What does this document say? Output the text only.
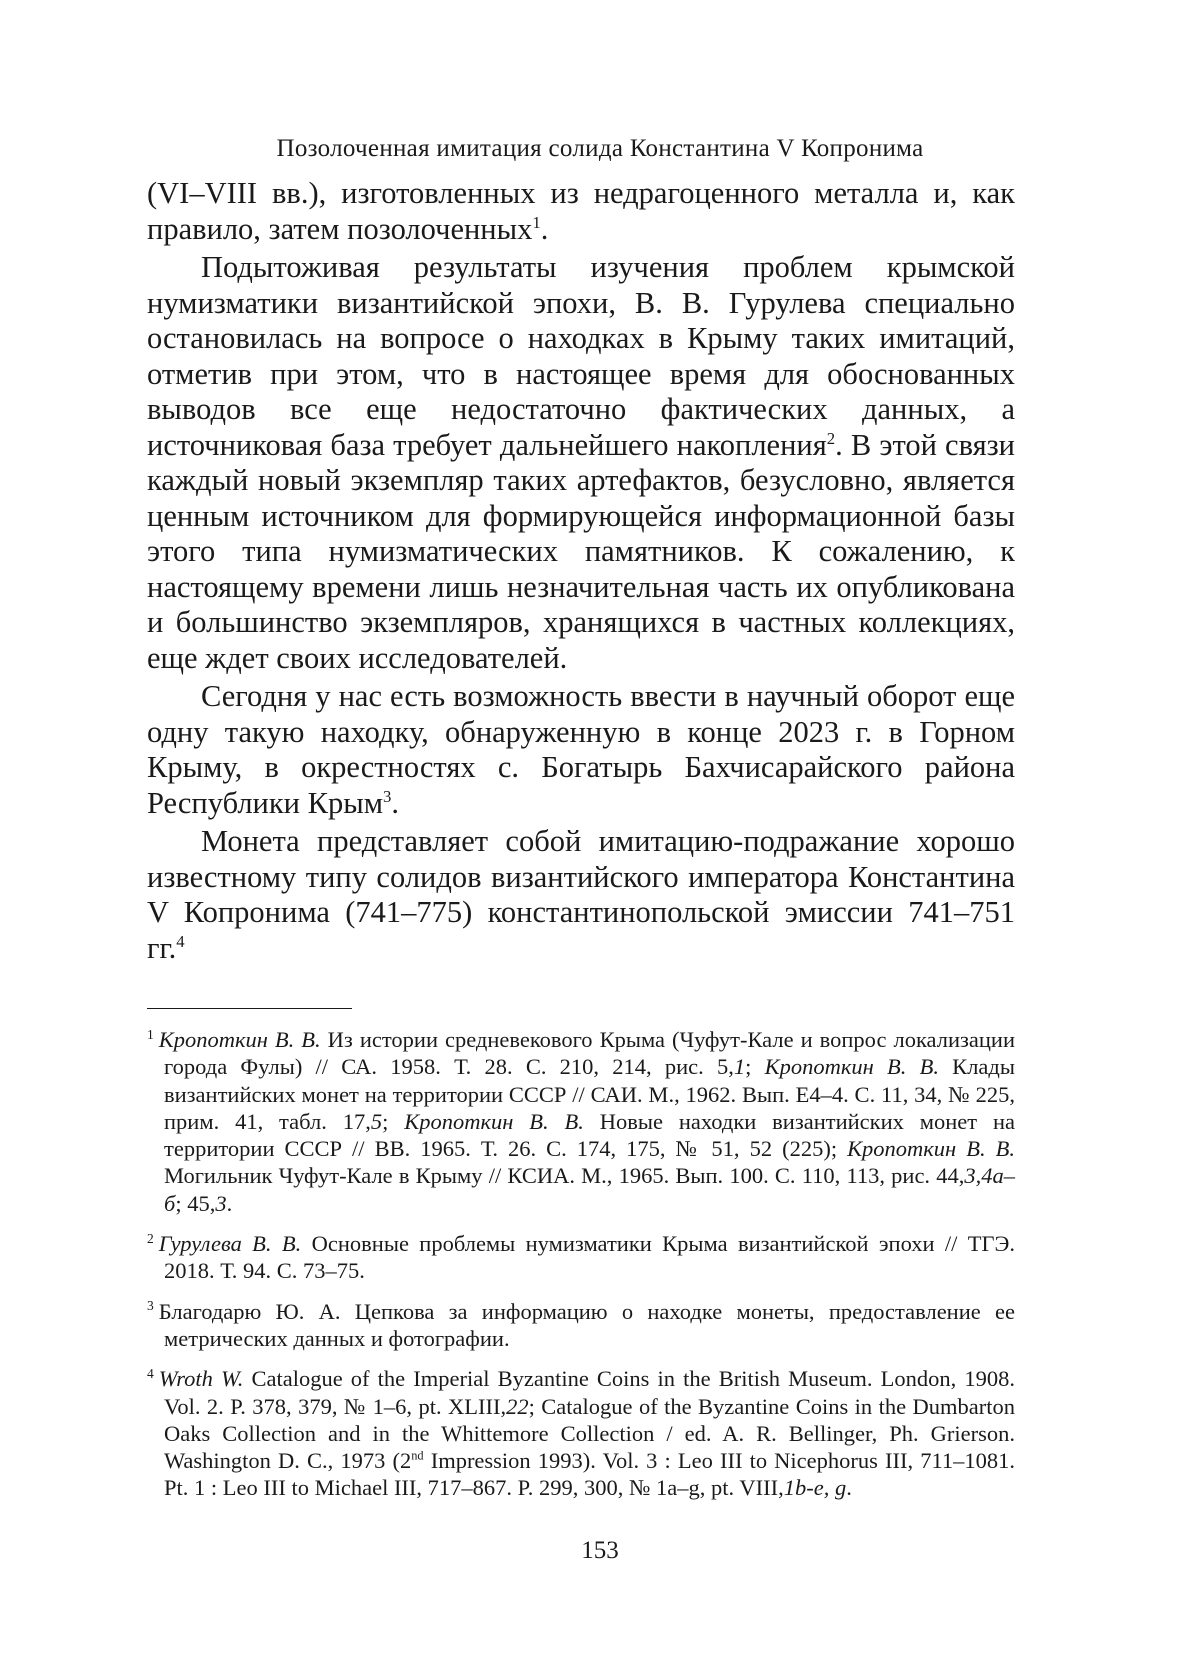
Позолоченная имитация солида Константина V Копронима

(VI–VIII вв.), изготовленных из недрагоценного металла и, как правило, затем позолоченных$^1$.

Подытоживая результаты изучения проблем крымской нумизматики византийской эпохи, В. В. Гурулева специально остановилась на вопросе о находках в Крыму таких имитаций, отметив при этом, что в настоящее время для обоснованных выводов все еще недостаточно фактических данных, а источниковая база требует дальнейшего накопления$^2$. В этой связи каждый новый экземпляр таких артефактов, безусловно, является ценным источником для формирующейся информационной базы этого типа нумизматических памятников. К сожалению, к настоящему времени лишь незначительная часть их опубликована и большинство экземпляров, хранящихся в частных коллекциях, еще ждет своих исследователей.

Сегодня у нас есть возможность ввести в научный оборот еще одну такую находку, обнаруженную в конце 2023 г. в Горном Крыму, в окрестностях с. Богатырь Бахчисарайского района Республики Крым$^3$.

Монета представляет собой имитацию-подражание хорошо известному типу солидов византийского императора Константина V Копронима (741–775) константинопольской эмиссии 741–751 гг.$^4$

$^1$ Кропоткин В. В. Из истории средневекового Крыма (Чуфут-Кале и вопрос локализации города Фулы) // СА. 1958. Т. 28. С. 210, 214, рис. 5,1; Кропоткин В. В. Клады византийских монет на территории СССР // САИ. М., 1962. Вып. Е4–4. С. 11, 34, № 225, прим. 41, табл. 17,5; Кропоткин В. В. Новые находки византийских монет на территории СССР // ВВ. 1965. Т. 26. С. 174, 175, № 51, 52 (225); Кропоткин В. В. Могильник Чуфут-Кале в Крыму // КСИА. М., 1965. Вып. 100. С. 110, 113, рис. 44,3,4а–б; 45,3.

$^2$ Гурулева В. В. Основные проблемы нумизматики Крыма византийской эпохи // ТГЭ. 2018. Т. 94. С. 73–75.

$^3$ Благодарю Ю. А. Цепкова за информацию о находке монеты, предоставление ее метрических данных и фотографии.

$^4$ Wroth W. Catalogue of the Imperial Byzantine Coins in the British Museum. London, 1908. Vol. 2. P. 378, 379, № 1–6, pt. XLIII,22; Catalogue of the Byzantine Coins in the Dumbarton Oaks Collection and in the Whittemore Collection / ed. A. R. Bellinger, Ph. Grierson. Washington D. C., 1973 (2nd Impression 1993). Vol. 3 : Leo III to Nicephorus III, 711–1081. Pt. 1 : Leo III to Michael III, 717–867. P. 299, 300, № 1a–g, pt. VIII,1b-e, g.

153
